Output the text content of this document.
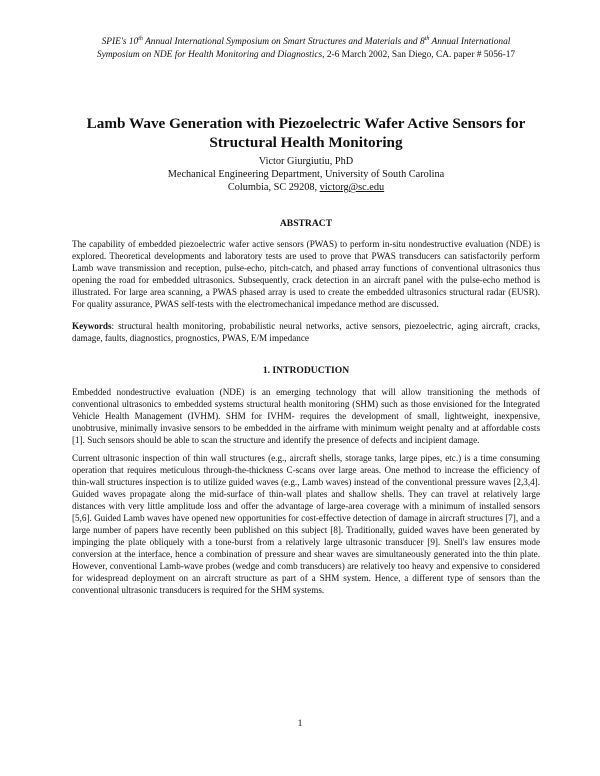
SPIE's 10th Annual International Symposium on Smart Structures and Materials and 8th Annual International
Symposium on NDE for Health Monitoring and Diagnostics, 2-6 March 2002, San Diego, CA. paper # 5056-17

Lamb Wave Generation with Piezoelectric Wafer Active Sensors for
Structural Health Monitoring
Victor Giurgiutiu, PhD
Mechanical Engineering Department, University of South Carolina
Columbia, SC 29208, victorg@sc.edu
ABSTRACT

The capability of embedded piezoelectric wafer active sensors (PWAS) to perform in-situ nondestructive evaluation (NDE) is explored. Theoretical developments and laboratory tests are used to prove that PWAS transducers can satisfactorily perform Lamb wave transmission and reception, pulse-echo, pitch-catch, and phased array functions of conventional ultrasonics thus opening the road for embedded ultrasonics. Subsequently, crack detection in an aircraft panel with the pulse-echo method is illustrated. For large area scanning, a PWAS phased array is used to create the embedded ultrasonics structural radar (EUSR). For quality assurance, PWAS self-tests with the electromechanical impedance method are discussed.

Keywords: structural health monitoring, probabilistic neural networks, active sensors, piezoelectric, aging aircraft, cracks, damage, faults, diagnostics, prognostics, PWAS, E/M impedance

1. INTRODUCTION

Embedded nondestructive evaluation (NDE) is an emerging technology that will allow transitioning the methods of conventional ultrasonics to embedded systems structural health monitoring (SHM) such as those envisioned for the Integrated Vehicle Health Management (IVHM). SHM for IVHM- requires the development of small, lightweight, inexpensive, unobtrusive, minimally invasive sensors to be embedded in the airframe with minimum weight penalty and at affordable costs [1]. Such sensors should be able to scan the structure and identify the presence of defects and incipient damage.

Current ultrasonic inspection of thin wall structures (e.g., aircraft shells, storage tanks, large pipes, etc.) is a time consuming operation that requires meticulous through-the-thickness C-scans over large areas. One method to increase the efficiency of thin-wall structures inspection is to utilize guided waves (e.g., Lamb waves) instead of the conventional pressure waves [2,3,4]. Guided waves propagate along the mid-surface of thin-wall plates and shallow shells. They can travel at relatively large distances with very little amplitude loss and offer the advantage of large-area coverage with a minimum of installed sensors [5,6]. Guided Lamb waves have opened new opportunities for cost-effective detection of damage in aircraft structures [7], and a large number of papers have recently been published on this subject [8]. Traditionally, guided waves have been generated by impinging the plate obliquely with a tone-burst from a relatively large ultrasonic transducer [9]. Snell's law ensures mode conversion at the interface, hence a combination of pressure and shear waves are simultaneously generated into the thin plate. However, conventional Lamb-wave probes (wedge and comb transducers) are relatively too heavy and expensive to considered for widespread deployment on an aircraft structure as part of a SHM system. Hence, a different type of sensors than the conventional ultrasonic transducers is required for the SHM systems.

1
